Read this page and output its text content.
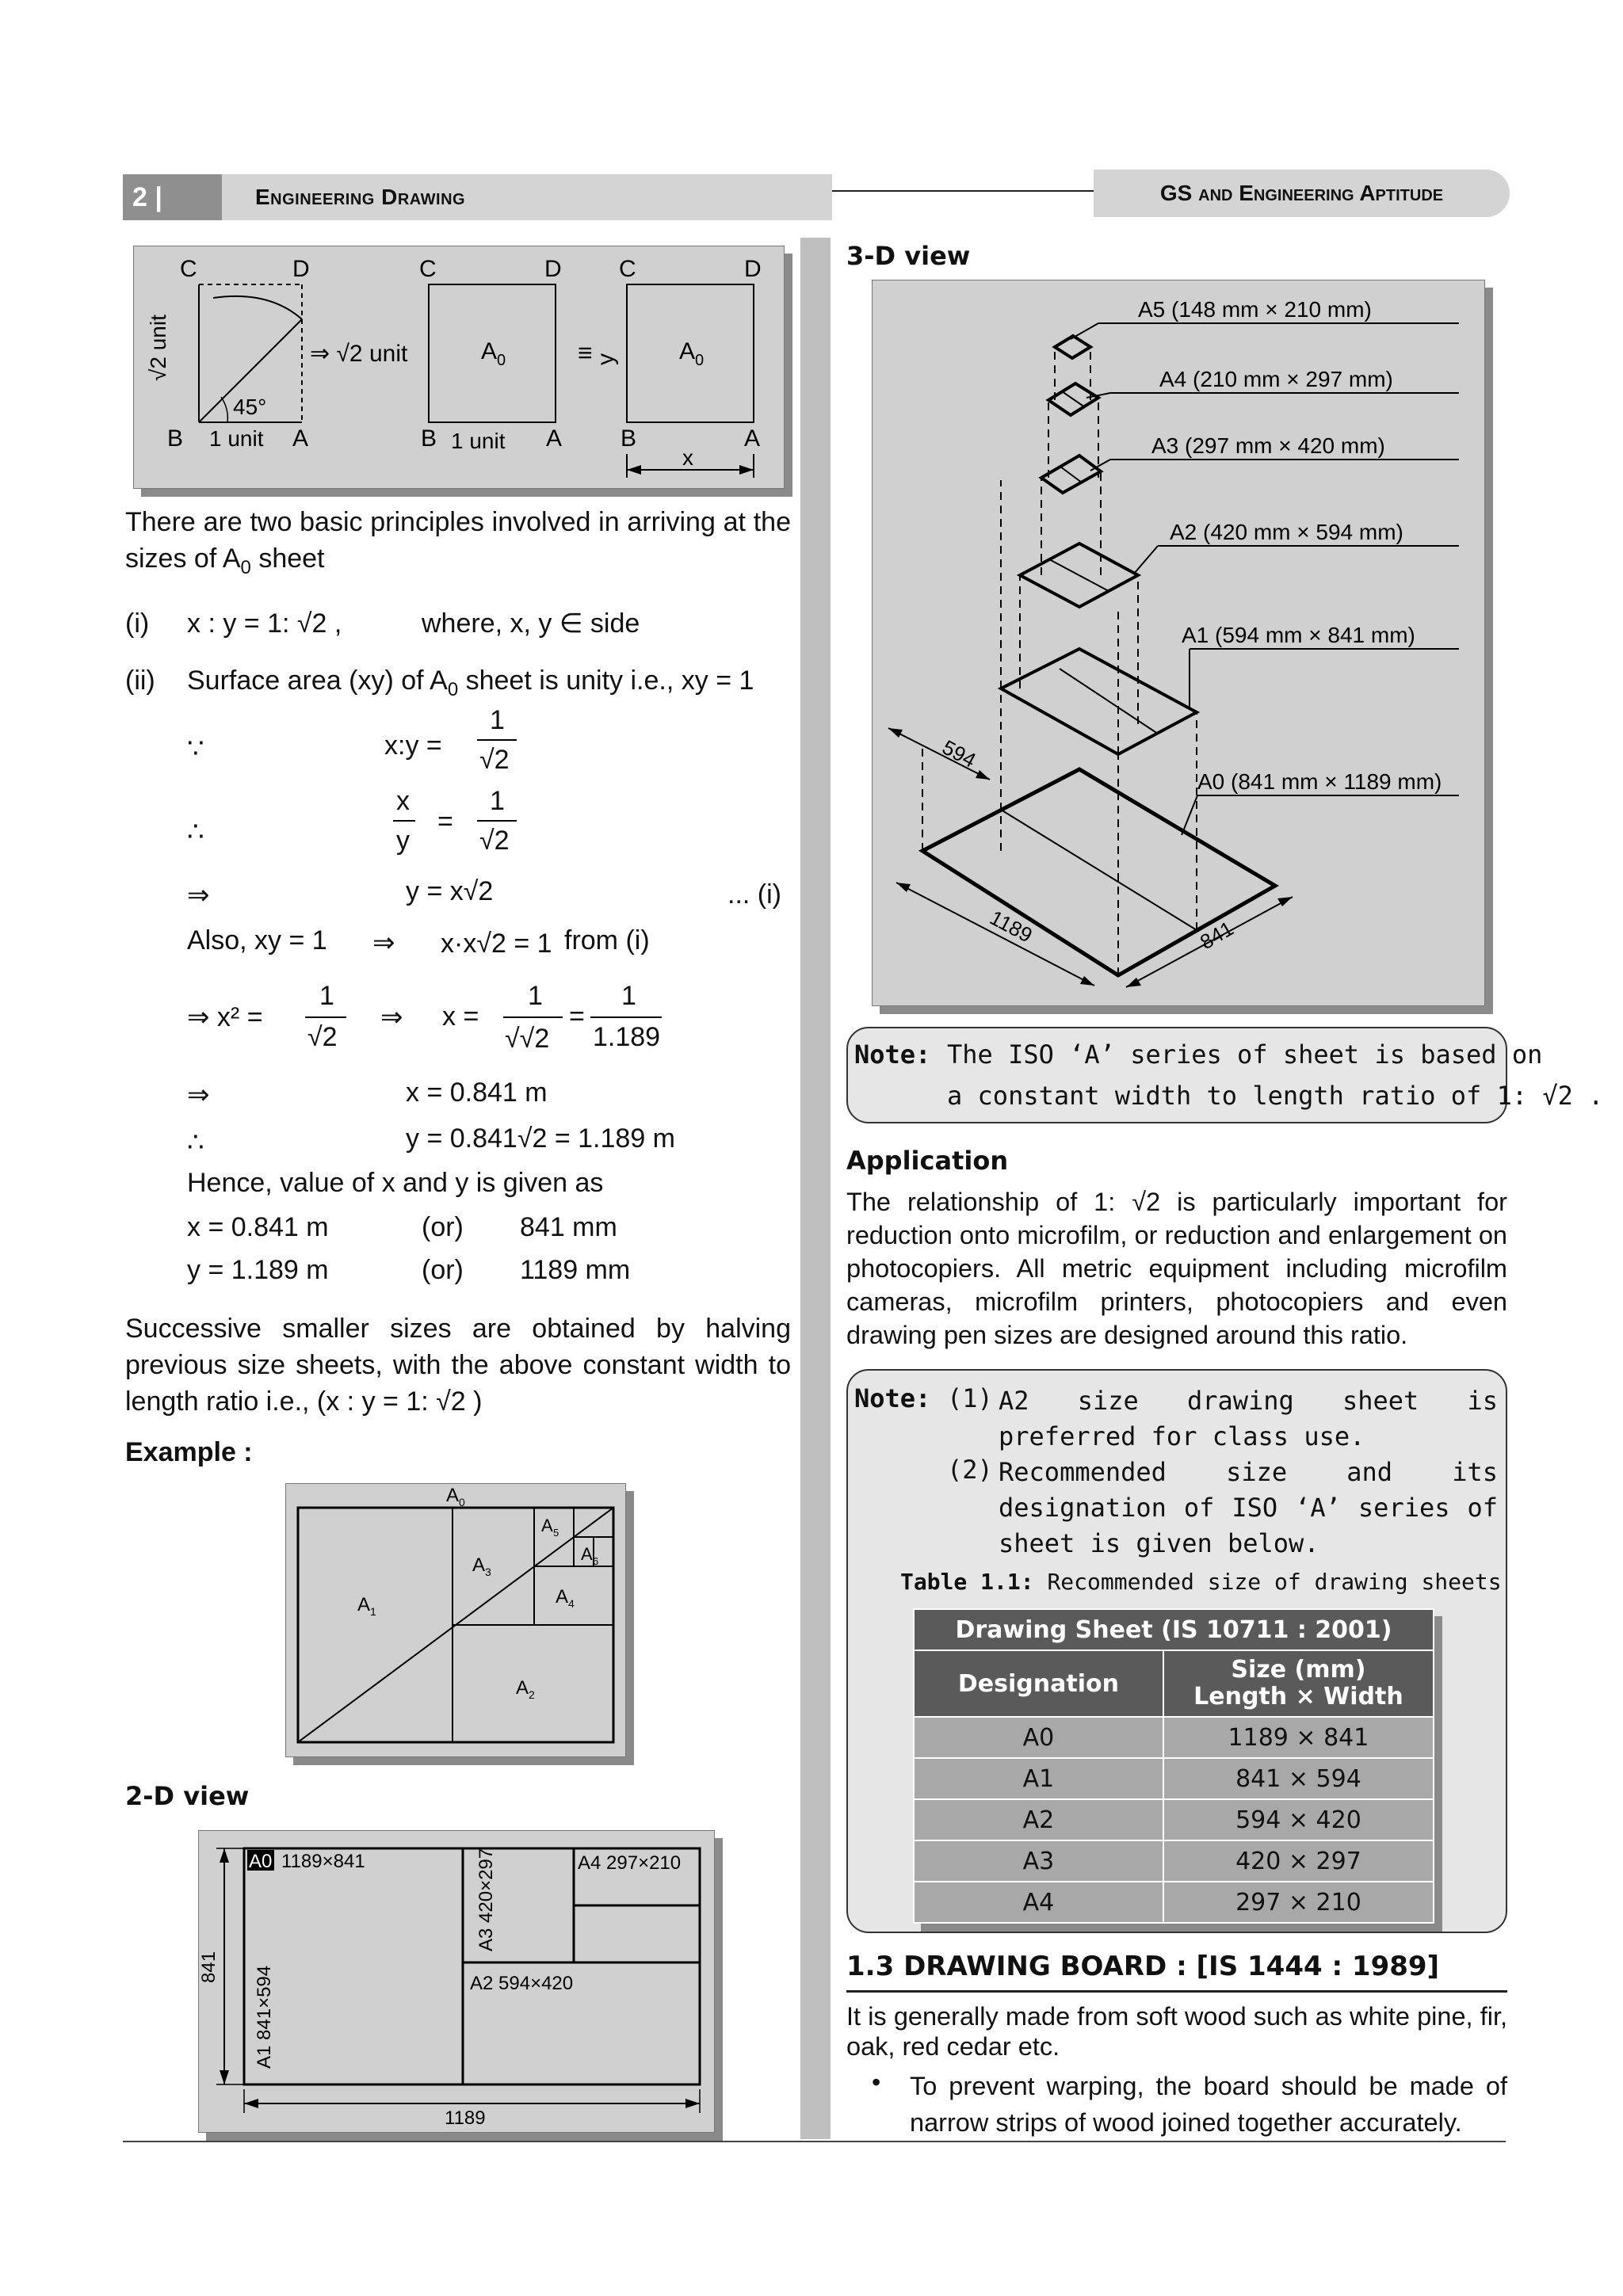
2 |	Engineering Drawing	GS and Engineering Aptitude
C	D
B	A
1 unit
45°
√2 unit	⇒ √2 unit
C	D
B	A
1 unit
A 0	≡ y
C	D
B	A
A 0
x
There are two basic principles involved in arriving at the sizes of $A_0$ sheet
(i) x : y = 1: √2 ,	where, x, y ∈ side
(ii) Surface area (xy) of $A_0$ sheet is unity i.e., xy = 1
∵	x:y =
1
√2
∴
x
y
=
1
√2
⇒	y = x√2	... (i)
Also, xy = 1 ⇒ x·x√2 = 1 from (i)
⇒ x² =
1
√2
⇒ x =
1
√√2
=
1
1.189
⇒	x = 0.841 m
∴	y = 0.841√2 = 1.189 m
Hence, value of x and y is given as
x = 0.841 m	(or) 841 mm
y = 1.189 m	(or) 1189 mm
Successive smaller sizes are obtained by halving previous size sheets, with the above constant width to length ratio i.e., (x : y = 1: √2 )
Example :
A 0
A 1
A 2
A 3
A 4
A 5
A 6
2-D view
A0 1189×841	A3 420×297	A4 297×210
A2 594×420
A1 841×594
841
1189
3-D view
594
1189	841
A5 (148 mm × 210 mm)
A4 (210 mm × 297 mm)
A3 (297 mm × 420 mm)
A2 (420 mm × 594 mm)
A1 (594 mm × 841 mm)
A0 (841 mm × 1189 mm)
Note: The ISO ‘A’ series of sheet is based on
a constant width to length ratio of 1: √2 .
Application
The relationship of 1: √2 is particularly important for reduction onto microfilm, or reduction and enlargement on photocopiers. All metric equipment including microfilm cameras, microfilm printers, photocopiers and even drawing pen sizes are designed around this ratio.
Note: (1) A2 size drawing sheet is preferred for class use.
(2) Recommended size and its designation of ISO ‘A’ series of sheet is given below.
Table 1.1: Recommended size of drawing sheets
Drawing Sheet (IS 10711 : 2001)	
Designation	Size (mm)
Length × Width
A0	1189 × 841
A1	841 × 594
A2	594 × 420
A3	420 × 297
A4	297 × 210
1.3 DRAWING BOARD : [IS 1444 : 1989]
It is generally made from soft wood such as white pine, fir, oak, red cedar etc.
• To prevent warping, the board should be made of narrow strips of wood joined together accurately.
